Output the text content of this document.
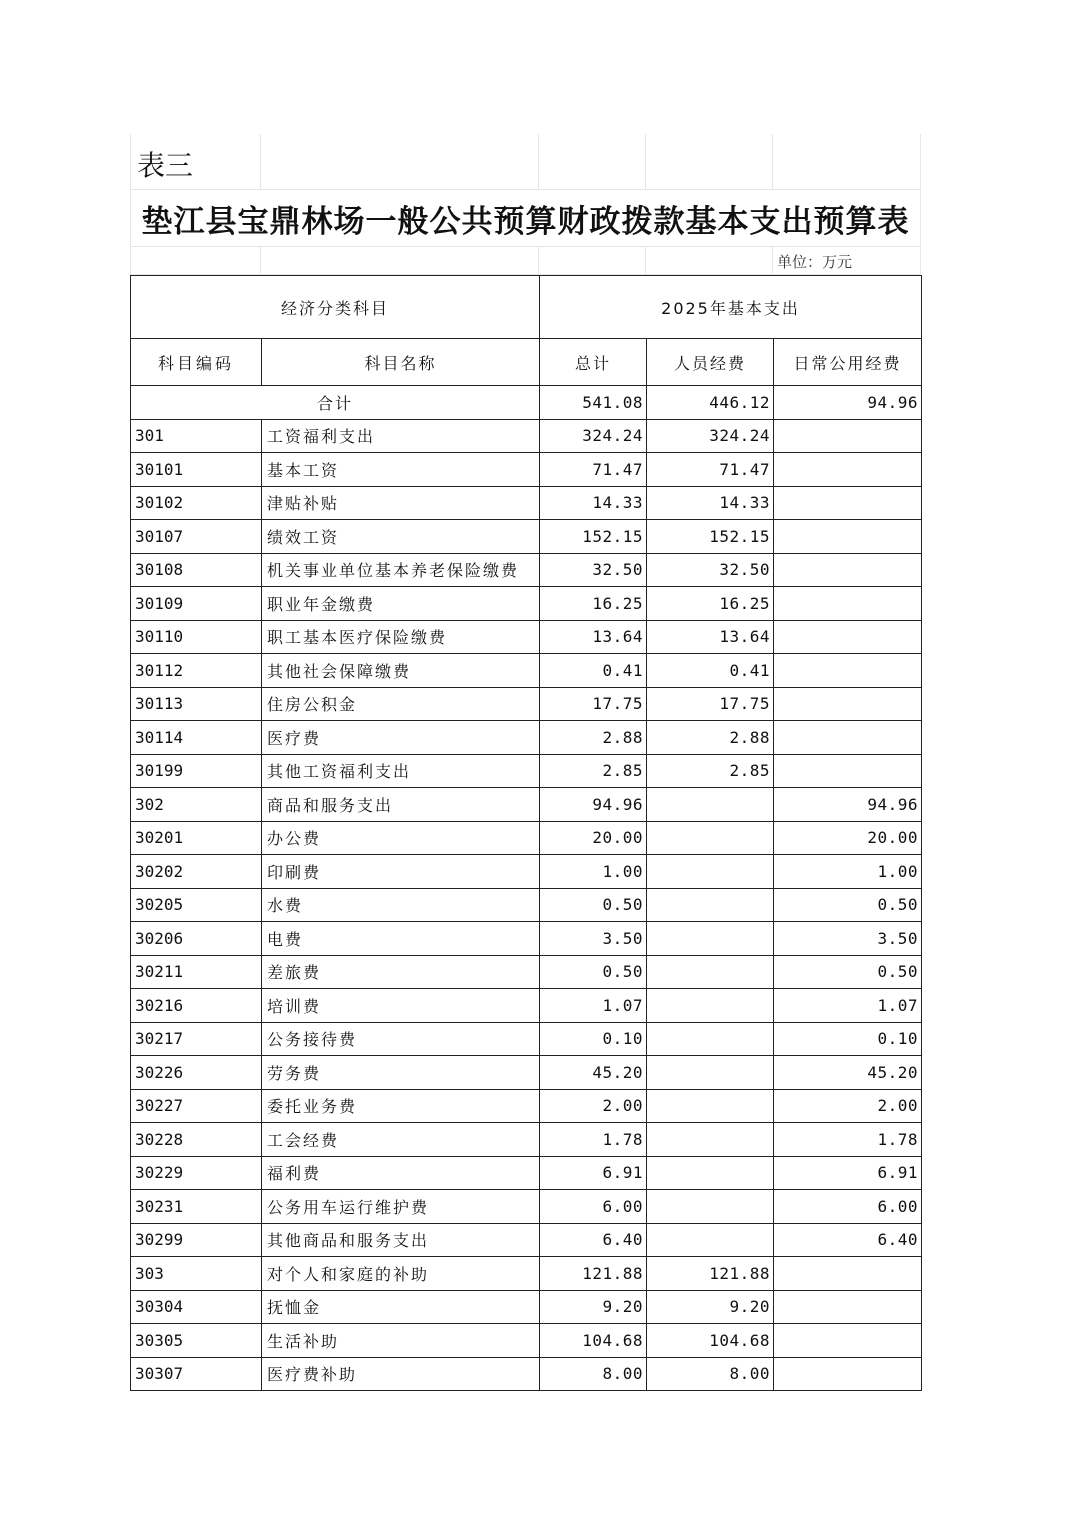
表三
垫江县宝鼎林场一般公共预算财政拨款基本支出预算表
单位：万元
经济分类科目		2025年基本支出		
科目编码	科目名称	总计	人员经费	日常公用经费
合计		541.08	446.12	94.96
301	工资福利支出	324.24	324.24	
30101	基本工资	71.47	71.47	
30102	津贴补贴	14.33	14.33	
30107	绩效工资	152.15	152.15	
30108	机关事业单位基本养老保险缴费	32.50	32.50	
30109	职业年金缴费	16.25	16.25	
30110	职工基本医疗保险缴费	13.64	13.64	
30112	其他社会保障缴费	0.41	0.41	
30113	住房公积金	17.75	17.75	
30114	医疗费	2.88	2.88	
30199	其他工资福利支出	2.85	2.85	
302	商品和服务支出	94.96		94.96
30201	办公费	20.00		20.00
30202	印刷费	1.00		1.00
30205	水费	0.50		0.50
30206	电费	3.50		3.50
30211	差旅费	0.50		0.50
30216	培训费	1.07		1.07
30217	公务接待费	0.10		0.10
30226	劳务费	45.20		45.20
30227	委托业务费	2.00		2.00
30228	工会经费	1.78		1.78
30229	福利费	6.91		6.91
30231	公务用车运行维护费	6.00		6.00
30299	其他商品和服务支出	6.40		6.40
303	对个人和家庭的补助	121.88	121.88	
30304	抚恤金	9.20	9.20	
30305	生活补助	104.68	104.68	
30307	医疗费补助	8.00	8.00	
